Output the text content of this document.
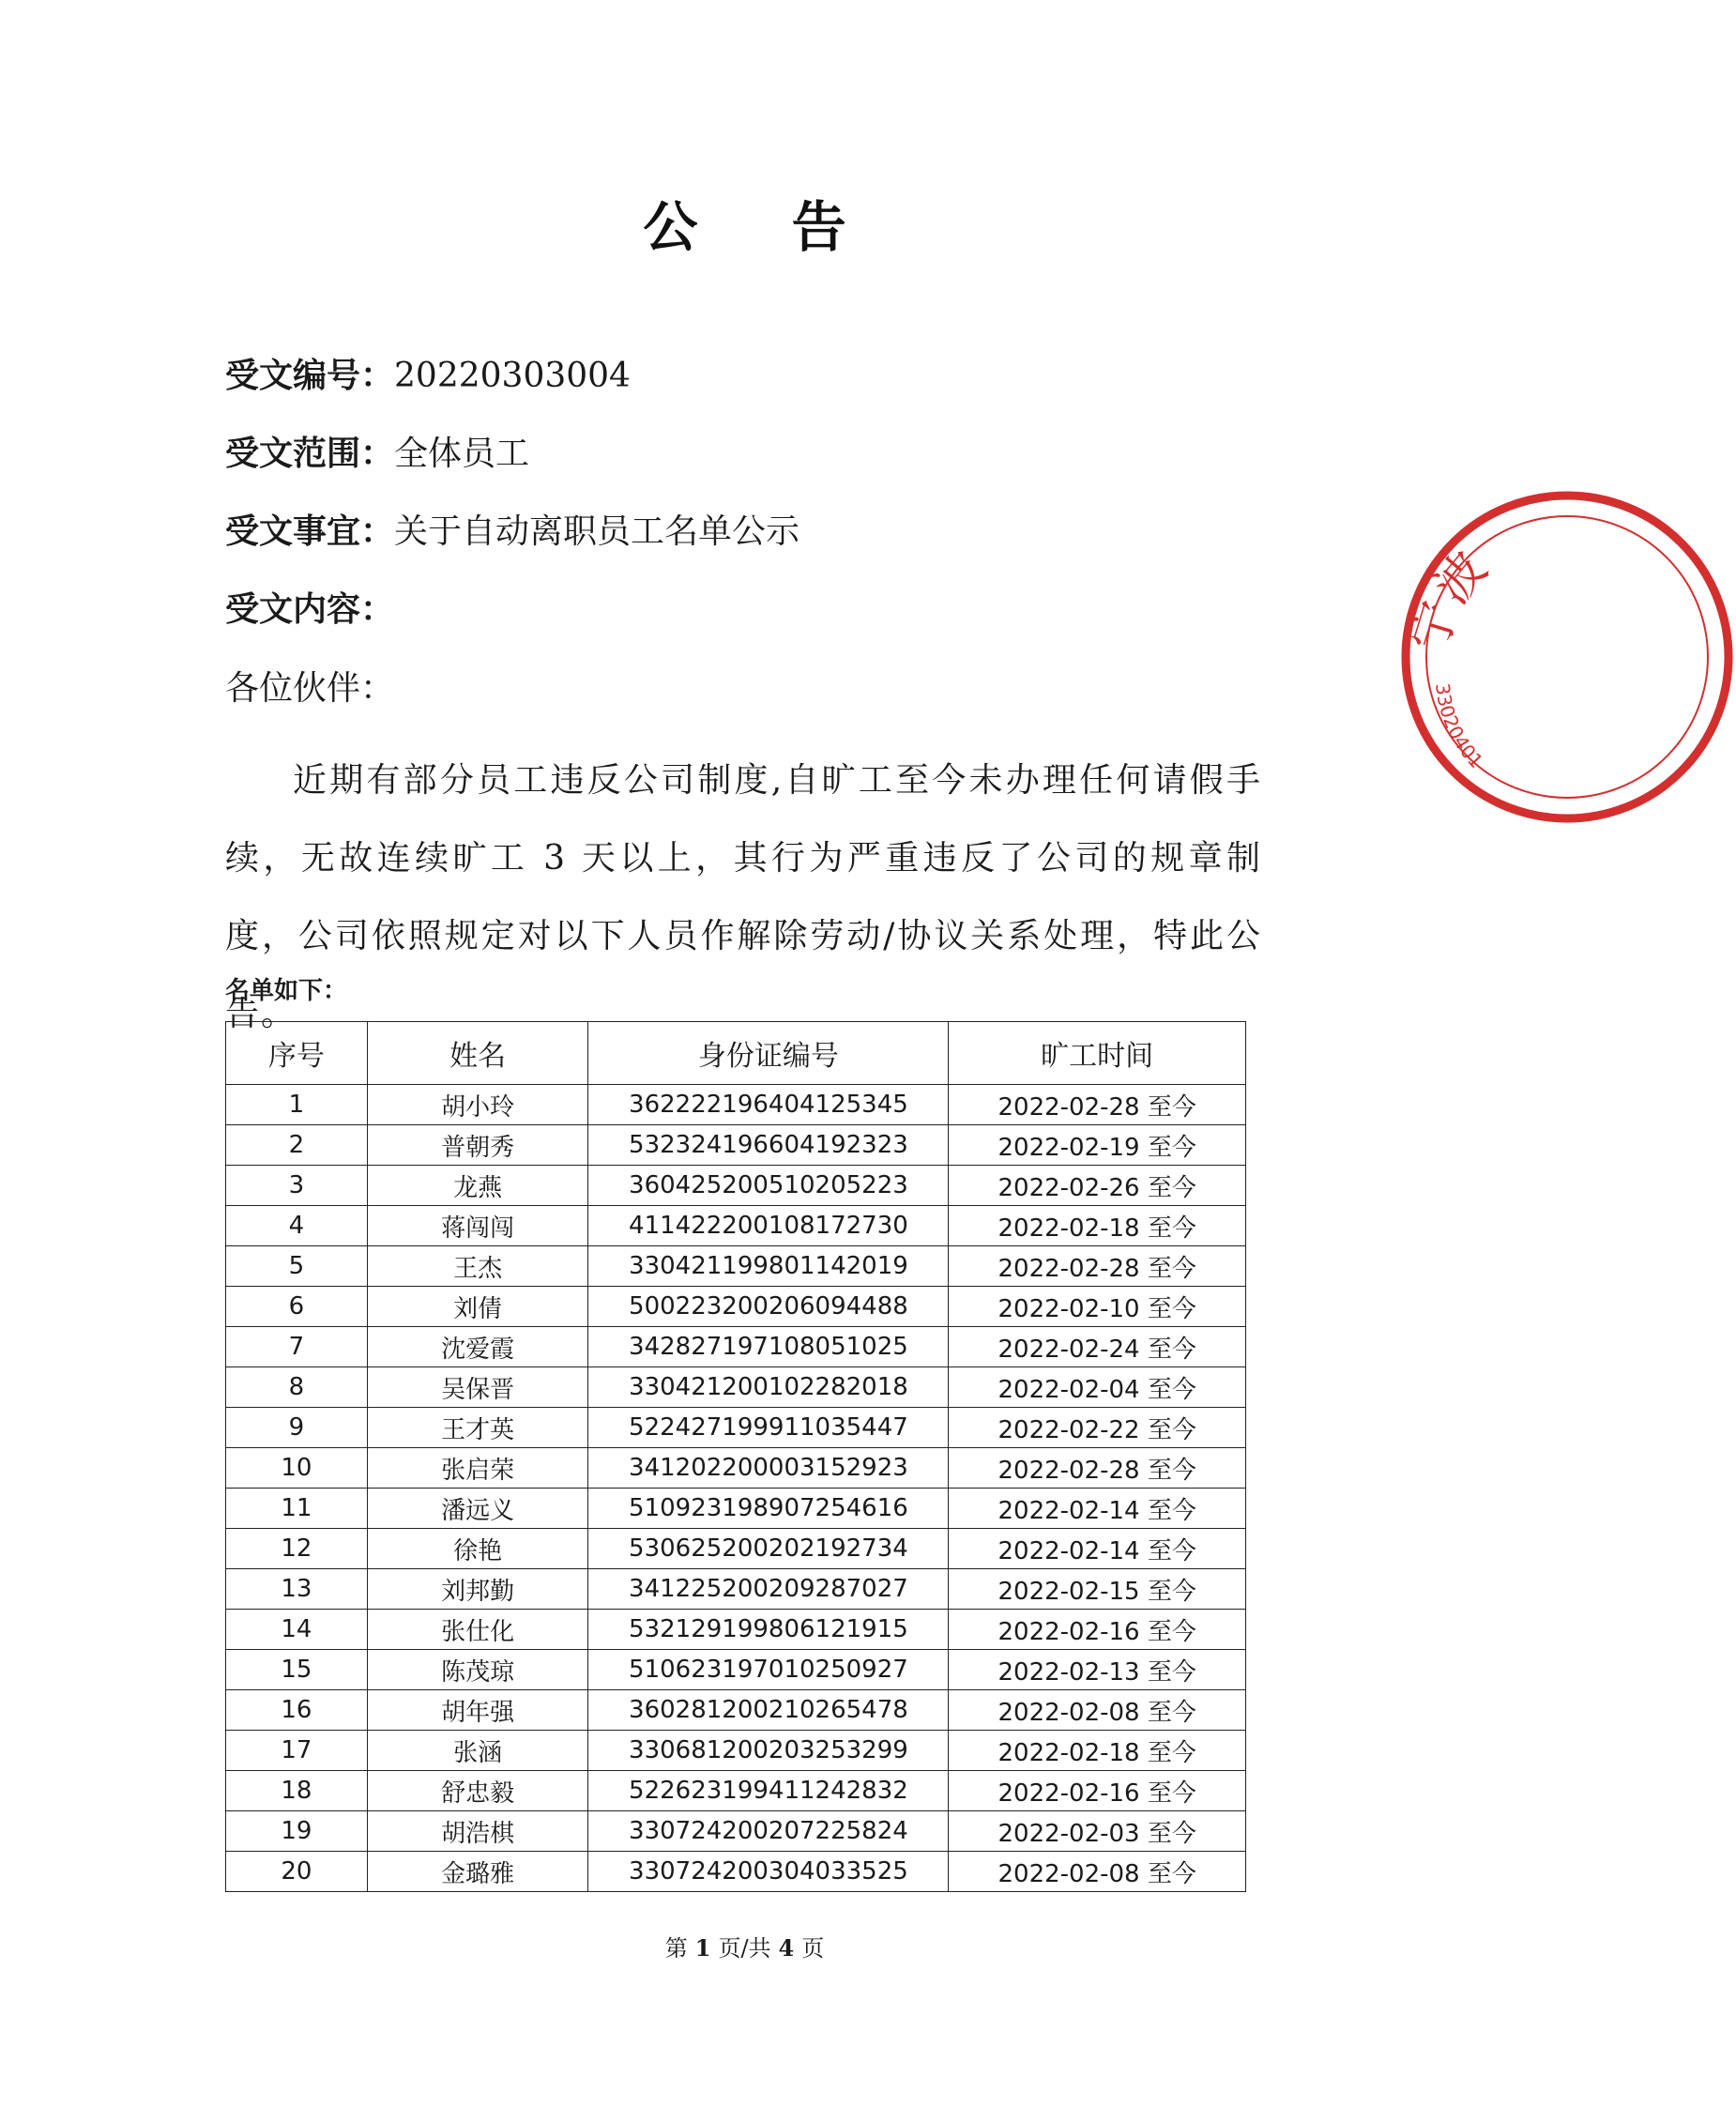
公 告
受文编号：20220303004
受文范围：全体员工
受文事宜：关于自动离职员工名单公示
受文内容：
各位伙伴：
近期有部分员工违反公司制度,自旷工至今未办理任何请假手续，无故连续旷工 3 天以上，其行为严重违反了公司的规章制度，公司依照规定对以下人员作解除劳动/协议关系处理，特此公告。
名单如下：
序号	姓名	身份证编号	旷工时间
1	胡小玲	362222196404125345	2022-02-28 至今
2	普朝秀	532324196604192323	2022-02-19 至今
3	龙燕	360425200510205223	2022-02-26 至今
4	蒋闯闯	411422200108172730	2022-02-18 至今
5	王杰	330421199801142019	2022-02-28 至今
6	刘倩	500223200206094488	2022-02-10 至今
7	沈爱霞	342827197108051025	2022-02-24 至今
8	吴保晋	330421200102282018	2022-02-04 至今
9	王才英	522427199911035447	2022-02-22 至今
10	张启荣	341202200003152923	2022-02-28 至今
11	潘远义	510923198907254616	2022-02-14 至今
12	徐艳	530625200202192734	2022-02-14 至今
13	刘邦勤	341225200209287027	2022-02-15 至今
14	张仕化	532129199806121915	2022-02-16 至今
15	陈茂琼	510623197010250927	2022-02-13 至今
16	胡年强	360281200210265478	2022-02-08 至今
17	张涵	330681200203253299	2022-02-18 至今
18	舒忠毅	522623199411242832	2022-02-16 至今
19	胡浩棋	330724200207225824	2022-02-03 至今
20	金璐雅	330724200304033525	2022-02-08 至今
第 1 页/共 4 页
宁波
33020401
